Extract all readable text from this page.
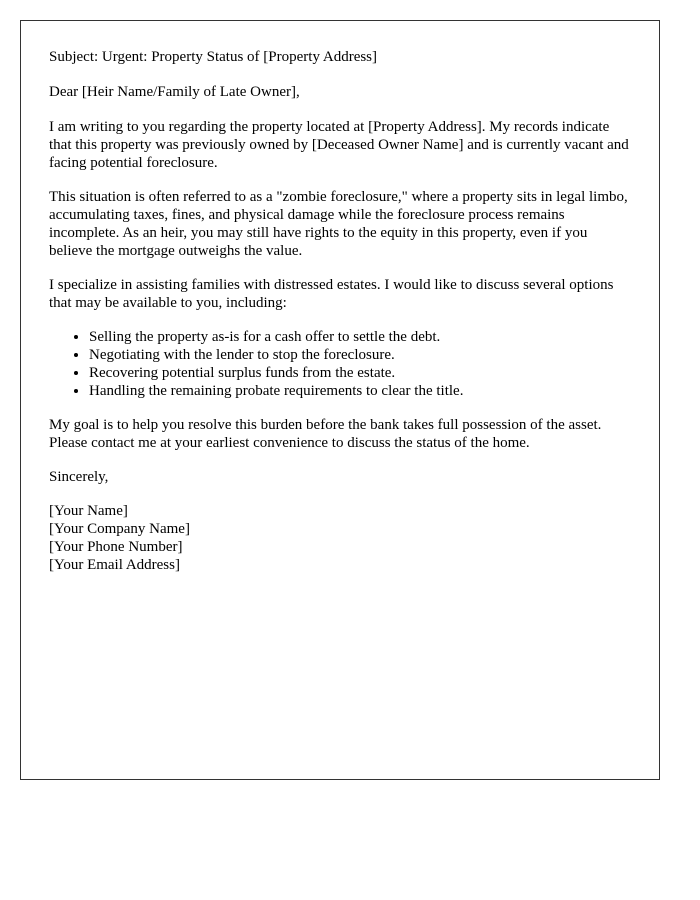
Subject: Urgent: Property Status of [Property Address]

Dear [Heir Name/Family of Late Owner],

I am writing to you regarding the property located at [Property Address]. My records indicate that this property was previously owned by [Deceased Owner Name] and is currently vacant and facing potential foreclosure.

This situation is often referred to as a "zombie foreclosure," where a property sits in legal limbo, accumulating taxes, fines, and physical damage while the foreclosure process remains incomplete. As an heir, you may still have rights to the equity in this property, even if you believe the mortgage outweighs the value.

I specialize in assisting families with distressed estates. I would like to discuss several options that may be available to you, including:

• Selling the property as-is for a cash offer to settle the debt.
• Negotiating with the lender to stop the foreclosure.
• Recovering potential surplus funds from the estate.
• Handling the remaining probate requirements to clear the title.

My goal is to help you resolve this burden before the bank takes full possession of the asset. Please contact me at your earliest convenience to discuss the status of the home.

Sincerely,

[Your Name]
[Your Company Name]
[Your Phone Number]
[Your Email Address]
